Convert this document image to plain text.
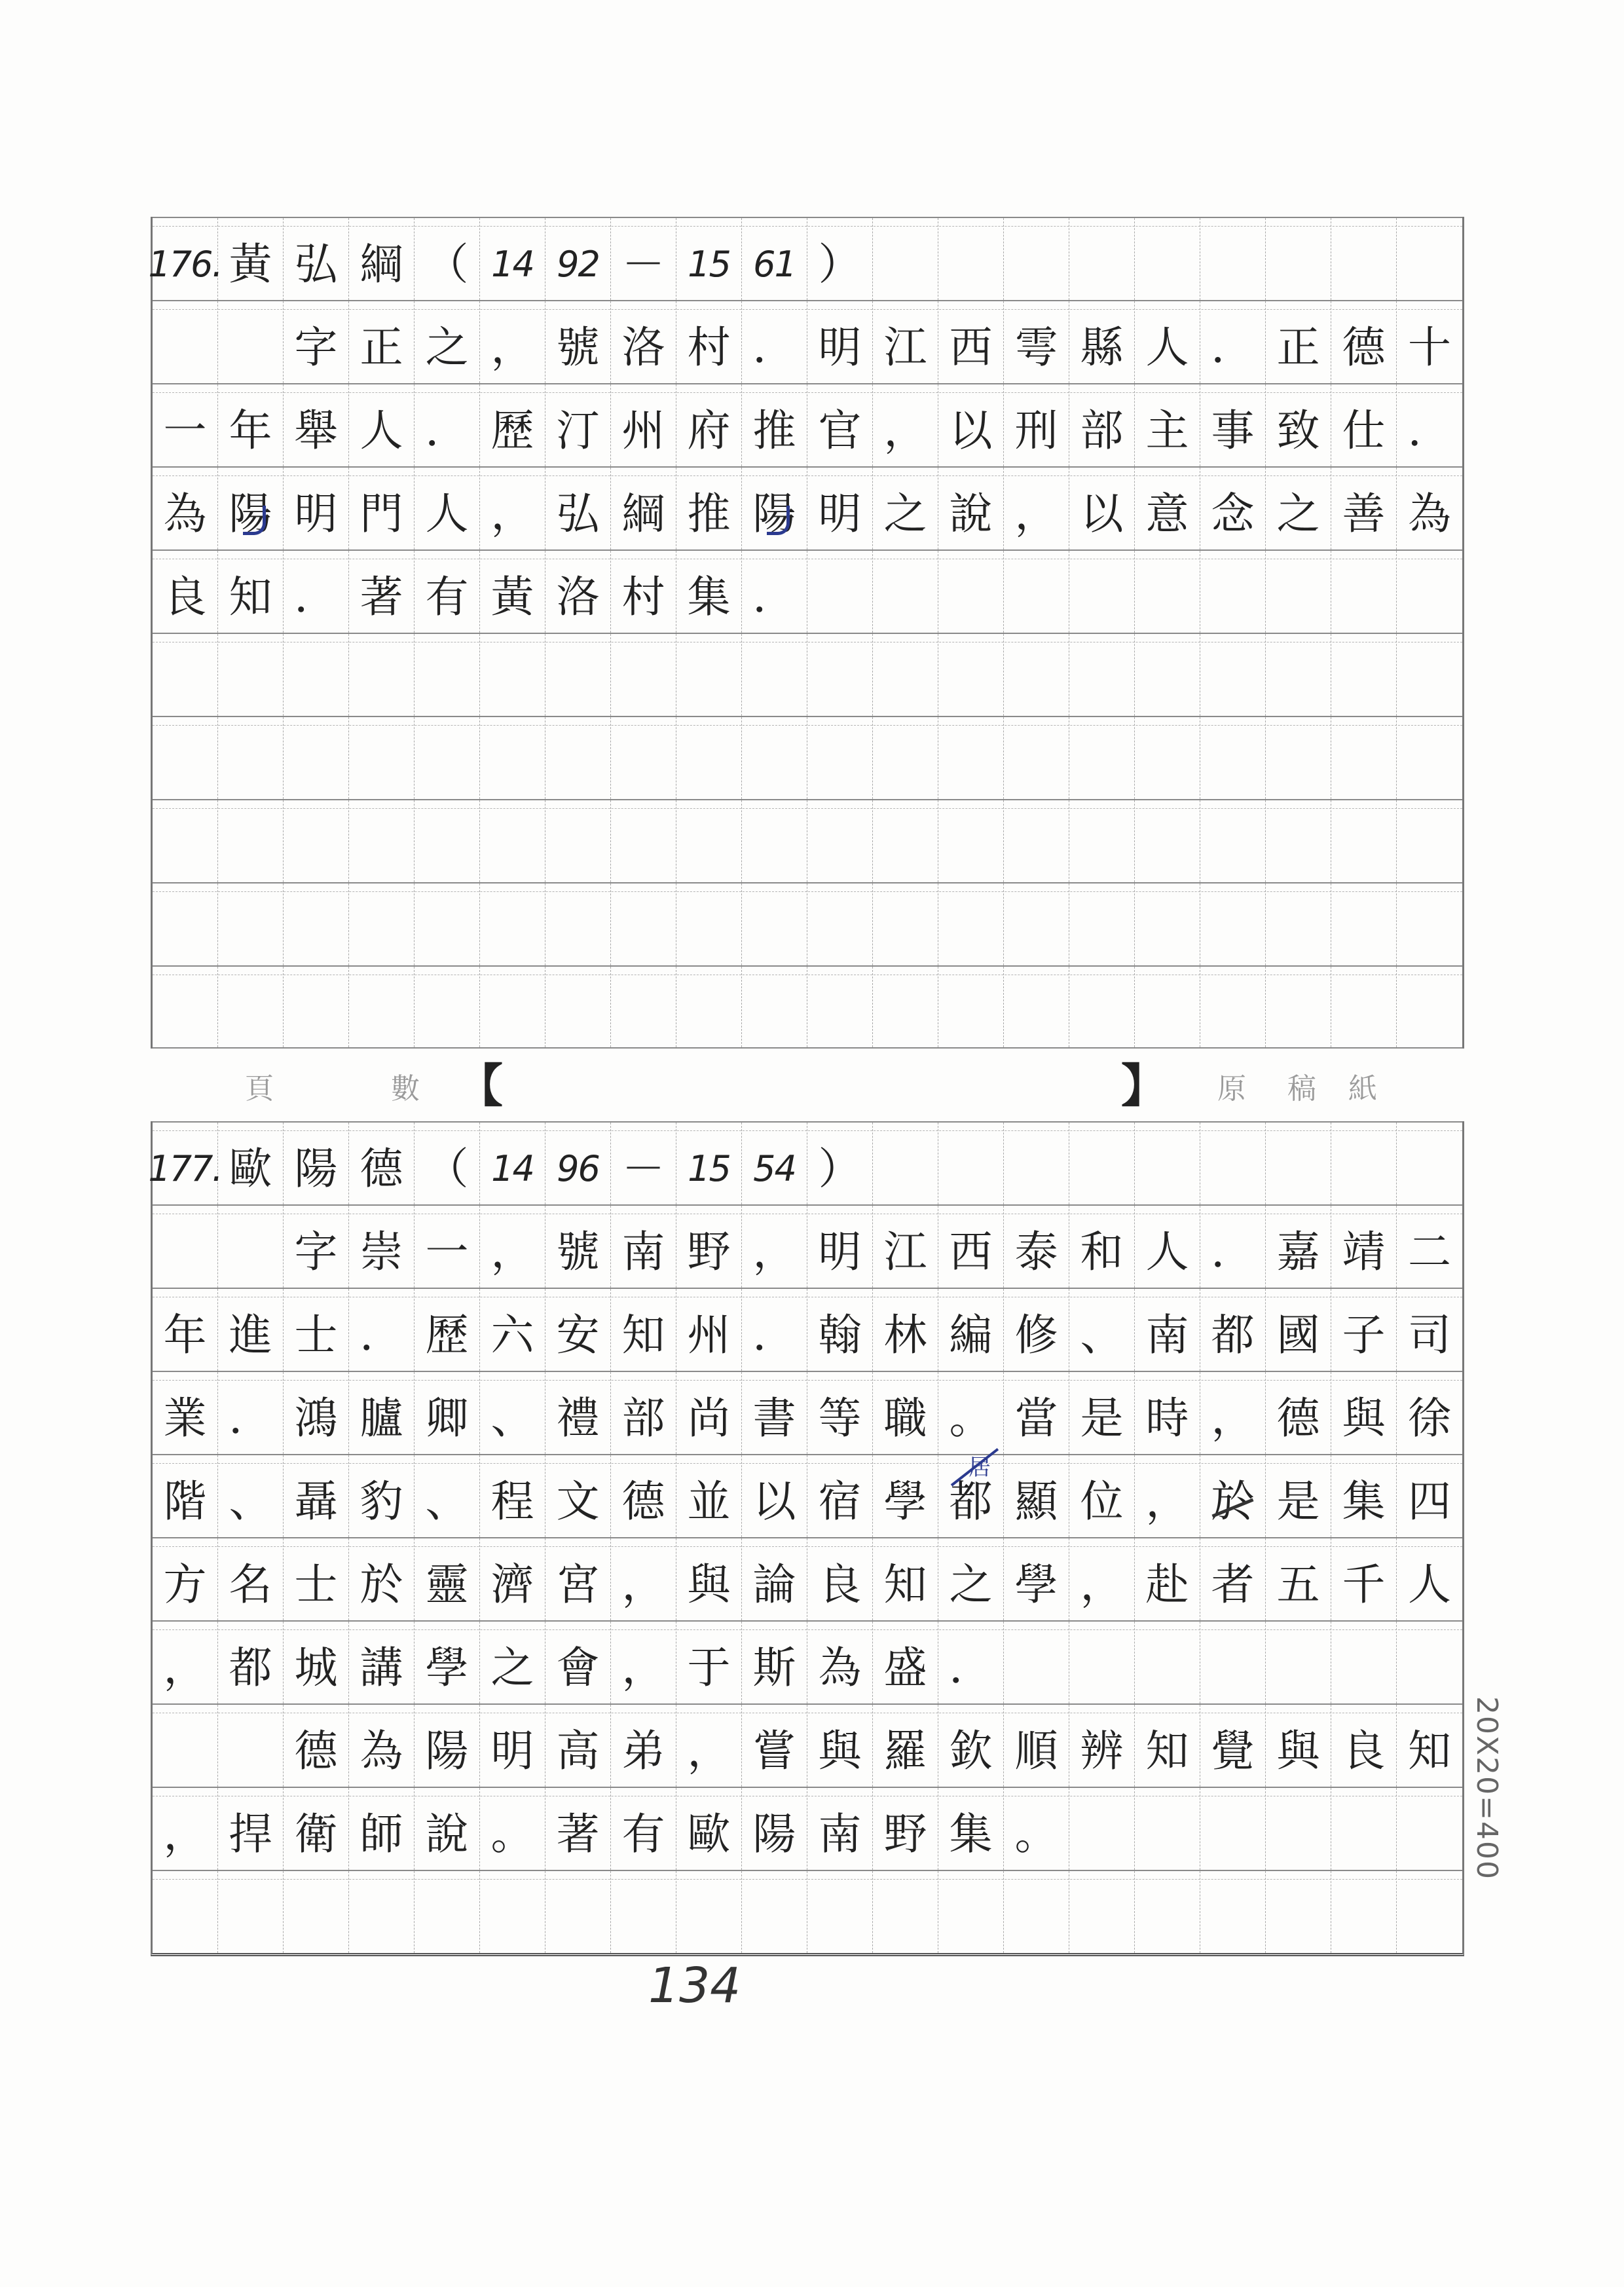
176. 黃 弘 綱 （ 14 92 － 15 61 ）
字 正 之 ， 號 洛 村 ． 明 江 西 雩 縣 人 ． 正 德 十
一 年 舉 人 ． 歷 汀 州 府 推 官 ， 以 刑 部 主 事 致 仕 ．
為 陽 明 門 人 ， 弘 綱 推 陽 明 之 說 ， 以 意 念 之 善 為
良 知 ． 著 有 黃 洛 村 集 ．
頁	數 【	】 原 稿 紙
177. 歐 陽 德 （ 14 96 － 15 54 ）
字 崇 一 ， 號 南 野 ， 明 江 西 泰 和 人 ． 嘉 靖 二
年 進 士 ． 歷 六 安 知 州 ． 翰 林 編 修 、 南 都 國 子 司
業 ． 鴻 臚 卿 、 禮 部 尚 書 等 職 。 當 是 時 ， 德 與 徐
階 、 聶 豹 、 程 文 德 並 以 宿 學
居
都 顯 位 ， 於 是 集 四
方 名 士 於 靈 濟 宮 ， 與 論 良 知 之 學 ， 赴 者 五 千 人
， 都 城 講 學 之 會 ， 于 斯 為 盛 ．
德 為 陽 明 高 弟 ， 嘗 與 羅 欽 順 辨 知 覺 與 良 知
， 捍 衛 師 說 。 著 有 歐 陽 南 野 集 。
134
20X20=400
